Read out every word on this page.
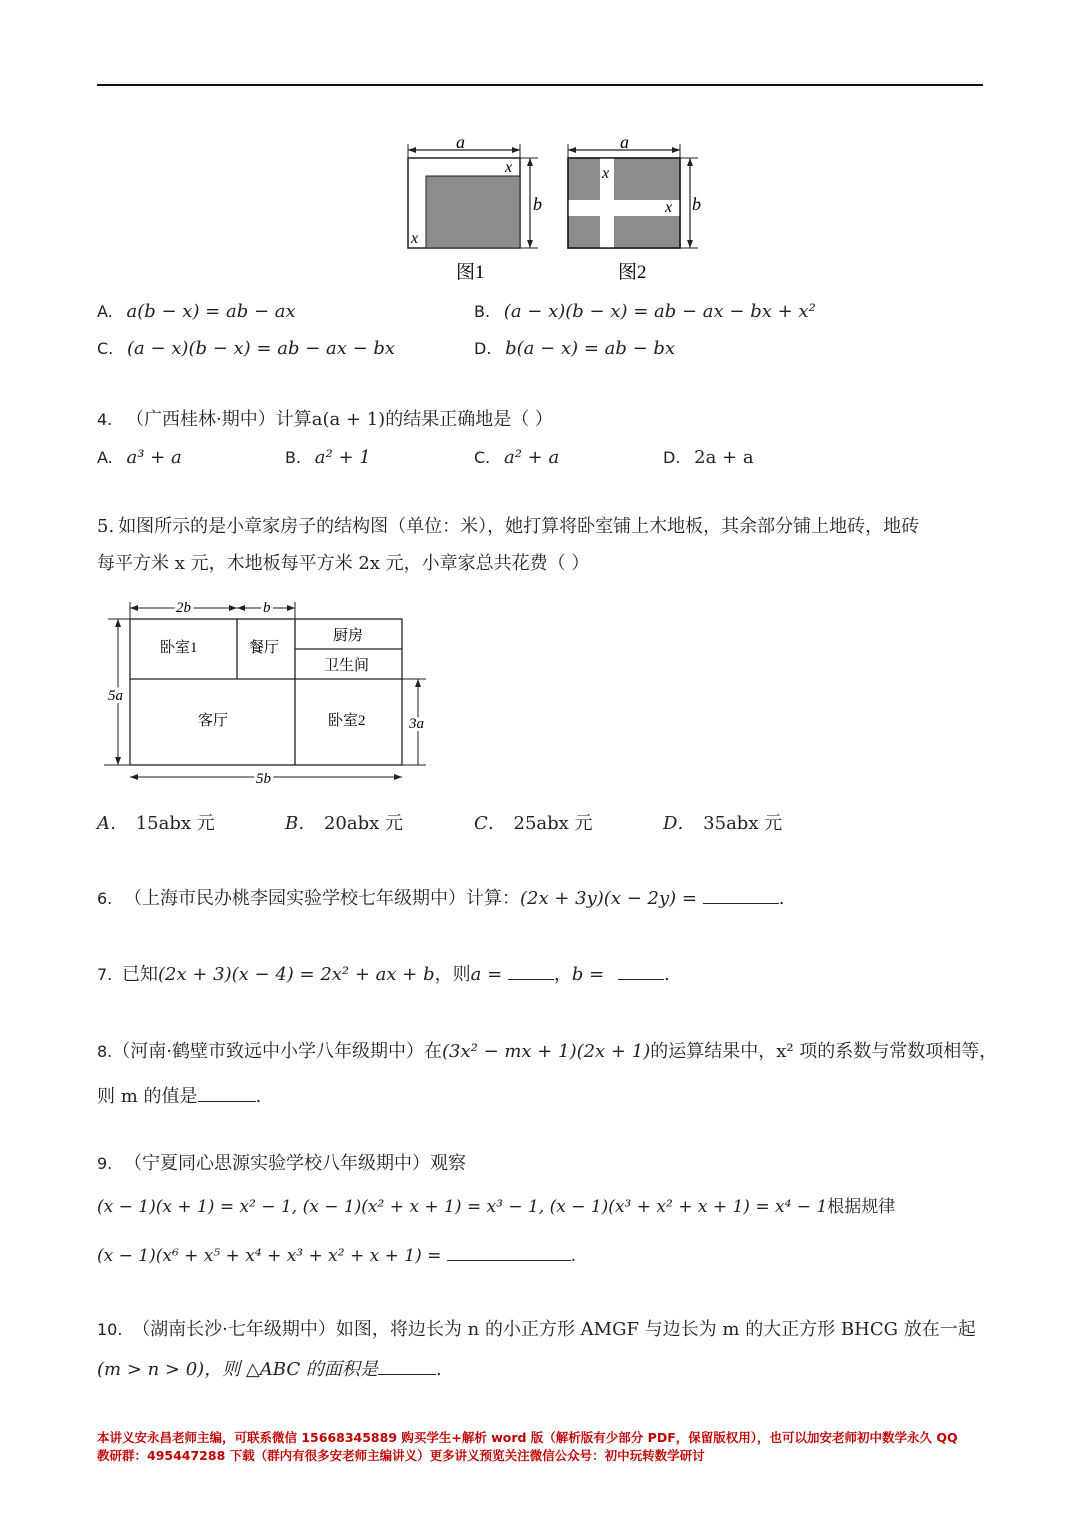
a
b
x
x
图1
a
b
x
x
图2
A. a(b − x) = ab − ax	B. (a − x)(b − x) = ab − ax − bx + x²
C. (a − x)(b − x) = ab − ax − bx	D. b(a − x) = ab − bx
4. （广西桂林·期中）计算a(a + 1)的结果正确地是（ ）
A. a³ + a	B. a² + 1	C. a² + a	D. 2a + a
5. 如图所示的是小章家房子的结构图（单位：米），她打算将卧室铺上木地板，其余部分铺上地砖，地砖
每平方米 x 元，木地板每平方米 2x 元，小章家总共花费（ ）
2b	b
5a
3a
5b
卧室1	餐厅
厨房
卫生间
客厅	卧室2
A． 15abx 元	B． 20abx 元	C． 25abx 元	D． 35abx 元
6. （上海市民办桃李园实验学校七年级期中）计算：(2x + 3y)(x − 2y) =	.
7. 已知(2x + 3)(x − 4) = 2x² + ax + b，则a =	，b =	.
8.（河南·鹤壁市致远中小学八年级期中）在(3x² − mx + 1)(2x + 1)的运算结果中，x² 项的系数与常数项相等，
则 m 的值是	.
9. （宁夏同心思源实验学校八年级期中）观察
(x − 1)(x + 1) = x² − 1, (x − 1)(x² + x + 1) = x³ − 1, (x − 1)(x³ + x² + x + 1) = x⁴ − 1根据规律
(x − 1)(x⁶ + x⁵ + x⁴ + x³ + x² + x + 1) =	.
10. （湖南长沙·七年级期中）如图，将边长为 n 的小正方形 AMGF 与边长为 m 的大正方形 BHCG 放在一起
(m > n > 0)，则 △ABC 的面积是	.
本讲义安永昌老师主编，可联系微信 15668345889 购买学生+解析 word 版（解析版有少部分 PDF，保留版权用），也可以加安老师初中数学永久 QQ
教研群：495447288 下载（群内有很多安老师主编讲义）更多讲义预览关注微信公众号：初中玩转数学研讨
